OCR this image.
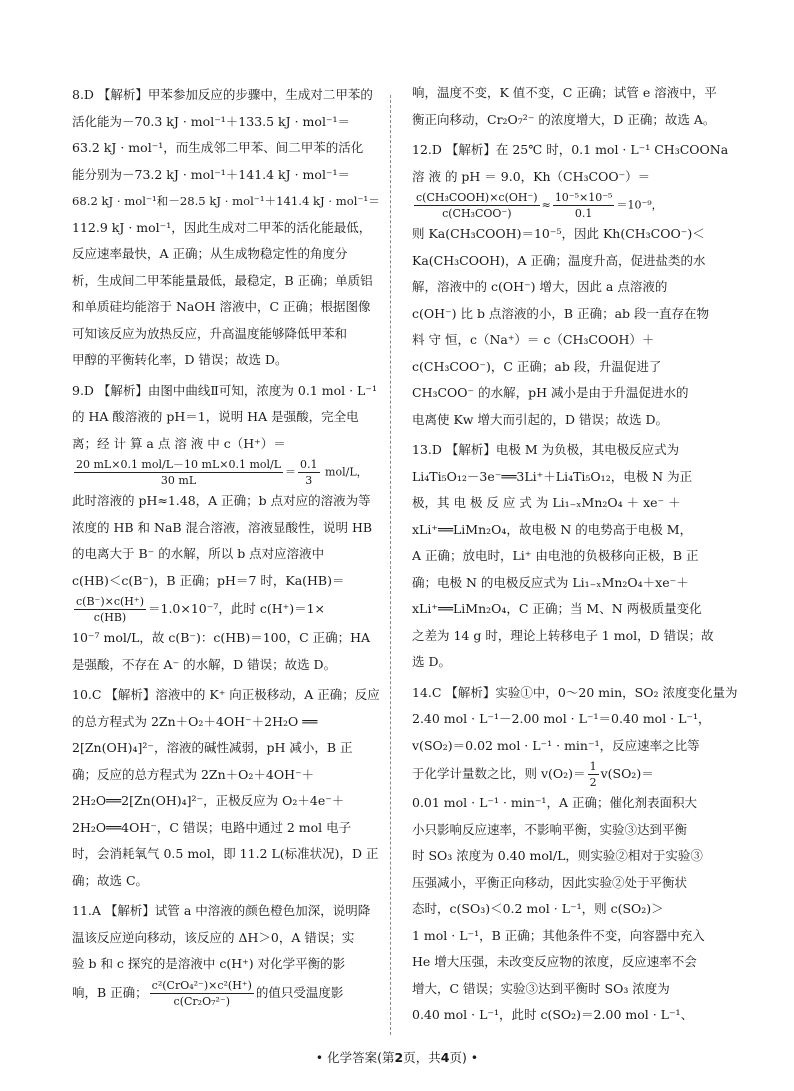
8.D 【解析】甲苯参加反应的步骤中，生成对二甲苯的

活化能为－70.3 kJ · mol⁻¹＋133.5 kJ · mol⁻¹＝

63.2 kJ · mol⁻¹，而生成邻二甲苯、间二甲苯的活化

能分别为－73.2 kJ · mol⁻¹＋141.4 kJ · mol⁻¹＝

68.2 kJ · mol⁻¹和－28.5 kJ · mol⁻¹＋141.4 kJ · mol⁻¹＝

112.9 kJ · mol⁻¹，因此生成对二甲苯的活化能最低，

反应速率最快，A 正确；从生成物稳定性的角度分

析，生成间二甲苯能量最低，最稳定，B 正确；单质铝

和单质硅均能溶于 NaOH 溶液中，C 正确；根据图像

可知该反应为放热反应，升高温度能够降低甲苯和

甲醇的平衡转化率，D 错误；故选 D。

9.D 【解析】由图中曲线Ⅱ可知，浓度为 0.1 mol · L⁻¹

的 HA 酸溶液的 pH＝1，说明 HA 是强酸，完全电

离；经 计 算 a 点 溶 液 中 c（H⁺）＝

$\frac{\text{20 mL×0.1 mol/L－10 mL×0.1 mol/L}}{30 mL} = \frac{0.1}{3} mol/L$，

此时溶液的 pH≈1.48，A 正确；b 点对应的溶液为等

浓度的 HB 和 NaB 混合溶液，溶液显酸性，说明 HB

的电离大于 B⁻ 的水解，所以 b 点对应溶液中

c(HB)＜c(B⁻)，B 正确；pH＝7 时，Ka(HB)＝

$\frac{c(B^-)\times c(H^+)}{c(HB)} =1.0\times 10^{-7}$，此时 c(H⁺)＝1×

10⁻⁷ mol/L，故 c(B⁻)：c(HB)＝100，C 正确；HA

是强酸，不存在 A⁻ 的水解，D 错误；故选 D。

10.C 【解析】溶液中的 K⁺ 向正极移动，A 正确；反应

的总方程式为 2Zn＋O₂＋4OH⁻＋2H₂O ══

2[Zn(OH)₄]²⁻，溶液的碱性减弱，pH 减小，B 正

确；反应的总方程式为 2Zn＋O₂＋4OH⁻＋

2H₂O══2[Zn(OH)₄]²⁻，正极反应为 O₂＋4e⁻＋

2H₂O══4OH⁻，C 错误；电路中通过 2 mol 电子

时，会消耗氧气 0.5 mol，即 11.2 L(标准状况)，D 正

确；故选 C。

11.A 【解析】试管 a 中溶液的颜色橙色加深，说明降

温该反应逆向移动，该反应的 ΔH＞0，A 错误；实

验 b 和 c 探究的是溶液中 c(H⁺) 对化学平衡的影

响，B 正确； $\frac{\text{c²(CrO₄²⁻)×c²(H⁺)}}{\text{c(Cr₂O₇²⁻)}}$ 的值只受温度影

响，温度不变，K 值不变，C 正确；试管 e 溶液中，平

衡正向移动，Cr₂O₇²⁻ 的浓度增大，D 正确；故选 A。

12.D 【解析】在 25℃ 时，0.1 mol · L⁻¹ CH₃COONa

溶 液 的 pH ＝ 9.0，Kh（CH₃COO⁻）＝

$\frac{\text{c(CH₃COOH)×c(OH⁻)}}{\text{c(CH₃COO⁻)}} \approx \frac{\text{10⁻⁵×10⁻⁵}}{0.1} =10^{-9}$，

则 Ka(CH₃COOH)＝10⁻⁵，因此 Kh(CH₃COO⁻)＜

Ka(CH₃COOH)，A 正确；温度升高，促进盐类的水

解，溶液中的 c(OH⁻) 增大，因此 a 点溶液的

c(OH⁻) 比 b 点溶液的小，B 正确；ab 段一直存在物

料 守 恒，c（Na⁺）＝ c（CH₃COOH）＋

c(CH₃COO⁻)，C 正确；ab 段，升温促进了

CH₃COO⁻ 的水解，pH 减小是由于升温促进水的

电离使 Kw 增大而引起的，D 错误；故选 D。

13.D 【解析】电极 M 为负极，其电极反应式为

Li₄Ti₅O₁₂－3e⁻══3Li⁺＋Li₄Ti₅O₁₂，电极 N 为正

极，其 电 极 反 应 式 为 Li₁₋ₓMn₂O₄ ＋ xe⁻ ＋

xLi⁺══LiMn₂O₄，故电极 N 的电势高于电极 M，

A 正确；放电时，Li⁺ 由电池的负极移向正极，B 正

确；电极 N 的电极反应式为 Li₁₋ₓMn₂O₄＋xe⁻＋

xLi⁺══LiMn₂O₄，C 正确；当 M、N 两极质量变化

之差为 14 g 时，理论上转移电子 1 mol，D 错误；故

选 D。

14.C 【解析】实验①中，0～20 min，SO₂ 浓度变化量为

2.40 mol · L⁻¹－2.00 mol · L⁻¹＝0.40 mol · L⁻¹，

v(SO₂)＝0.02 mol · L⁻¹ · min⁻¹，反应速率之比等

于化学计量数之比，则 $v(O_2)= \frac{1}{2} v(SO_2)=$

0.01 mol · L⁻¹ · min⁻¹，A 正确；催化剂表面积大

小只影响反应速率，不影响平衡，实验③达到平衡

时 SO₃ 浓度为 0.40 mol/L，则实验②相对于实验③

压强减小，平衡正向移动，因此实验②处于平衡状

态时，c(SO₃)＜0.2 mol · L⁻¹，则 c(SO₂)＞

1 mol · L⁻¹，B 正确；其他条件不变，向容器中充入

He 增大压强，未改变反应物的浓度，反应速率不会

增大，C 错误；实验③达到平衡时 SO₃ 浓度为

0.40 mol · L⁻¹，此时 c(SO₂)＝2.00 mol · L⁻¹、

• 化学答案(第2页，共4页) •
